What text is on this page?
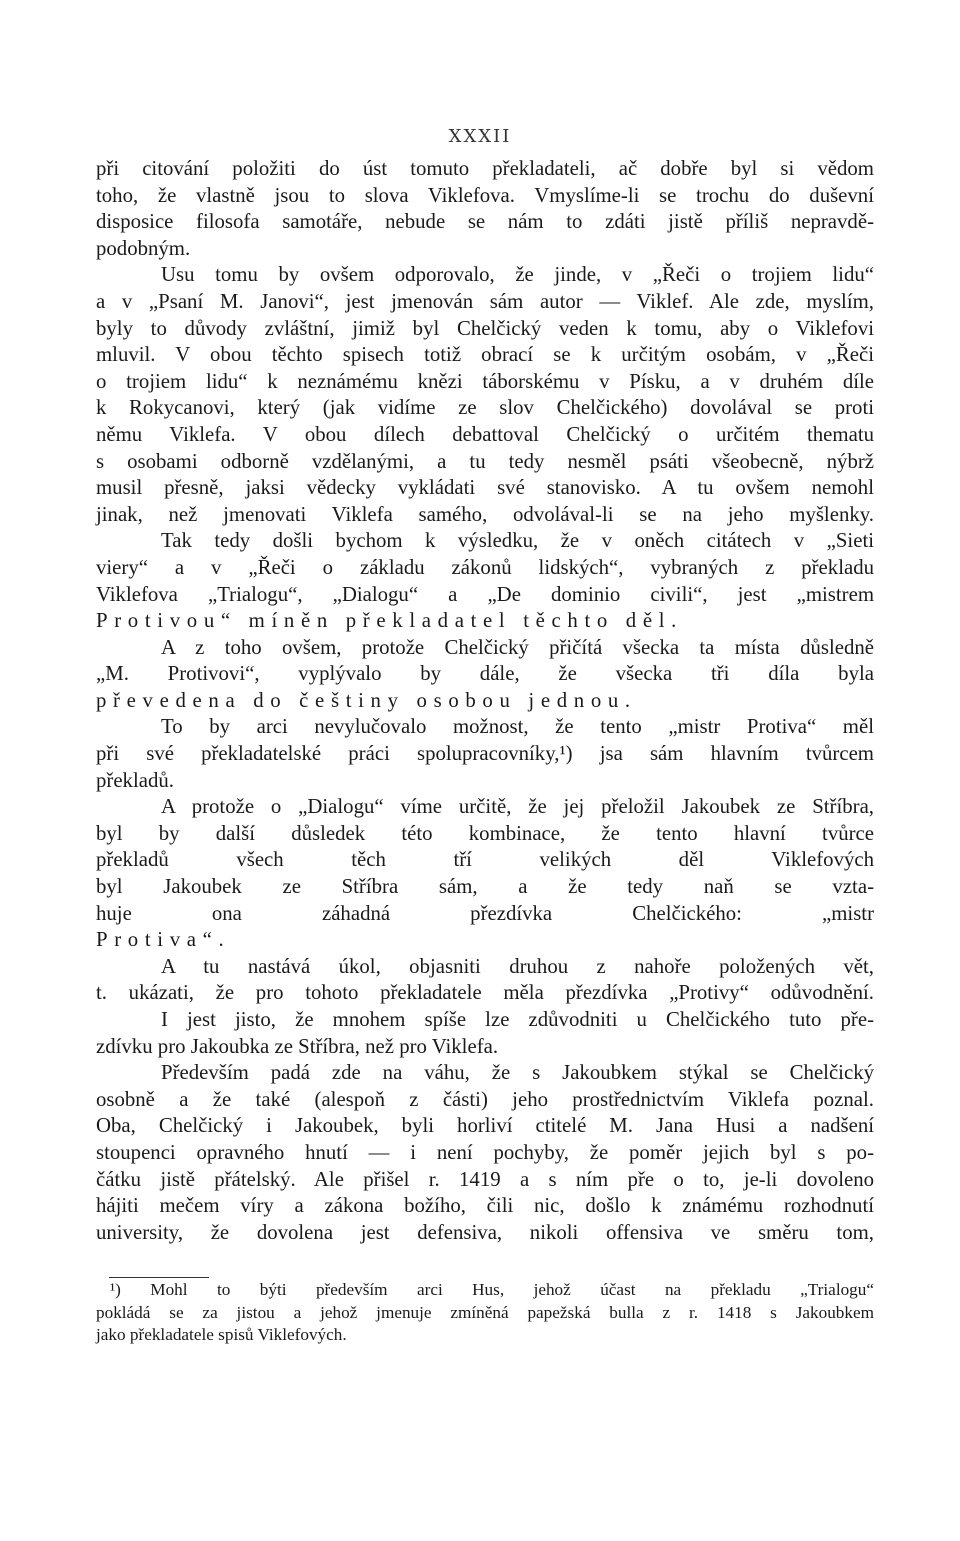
XXXII
při citování položiti do úst tomuto překladateli, ač dobře byl si vědom
toho, že vlastně jsou to slova Viklefova. Vmyslíme-li se trochu do duševní
disposice filosofa samotáře, nebude se nám to zdáti jistě příliš nepravdě-
podobným.
Usu tomu by ovšem odporovalo, že jinde, v „Řeči o trojiem lidu“
a v „Psaní M. Janovi“, jest jmenován sám autor — Viklef. Ale zde, myslím,
byly to důvody zvláštní, jimiž byl Chelčický veden k tomu, aby o Viklefovi
mluvil. V obou těchto spisech totiž obrací se k určitým osobám, v „Řeči
o trojiem lidu“ k neznámému knězi táborskému v Písku, a v druhém díle
k Rokycanovi, který (jak vidíme ze slov Chelčického) dovolával se proti
němu Viklefa. V obou dílech debattoval Chelčický o určitém thematu
s osobami odborně vzdělanými, a tu tedy nesměl psáti všeobecně, nýbrž
musil přesně, jaksi vědecky vykládati své stanovisko. A tu ovšem nemohl
jinak, než jmenovati Viklefa samého, odvolával-li se na jeho myšlenky.
Tak tedy došli bychom k výsledku, že v oněch citátech v „Sieti
viery“ a v „Řeči o základu zákonů lidských“, vybraných z překladu
Viklefova „Trialogu“, „Dialogu“ a „De dominio civili“, jest „mistrem
Protivou“ míněn překladatel těchto děl.
A z toho ovšem, protože Chelčický přičítá všecka ta místa důsledně
„M. Protivovi“, vyplývalo by dále, že všecka tři díla byla
převedena do češtiny osobou jednou.
To by arci nevylučovalo možnost, že tento „mistr Protiva“ měl
při své překladatelské práci spolupracovníky,¹) jsa sám hlavním tvůrcem
překladů.
A protože o „Dialogu“ víme určitě, že jej přeložil Jakoubek ze Stříbra,
byl by další důsledek této kombinace, že tento hlavní tvůrce
překladů všech těch tří velikých děl Viklefových
byl Jakoubek ze Stříbra sám, a že tedy naň se vzta-
huje ona záhadná přezdívka Chelčického: „mistr
Protiva“.
A tu nastává úkol, objasniti druhou z nahoře položených vět,
t. ukázati, že pro tohoto překladatele měla přezdívka „Protivy“ odůvodnění.
I jest jisto, že mnohem spíše lze zdůvodniti u Chelčického tuto pře-
zdívku pro Jakoubka ze Stříbra, než pro Viklefa.
Především padá zde na váhu, že s Jakoubkem stýkal se Chelčický
osobně a že také (alespoň z části) jeho prostřednictvím Viklefa poznal.
Oba, Chelčický i Jakoubek, byli horliví ctitelé M. Jana Husi a nadšení
stoupenci opravného hnutí — i není pochyby, že poměr jejich byl s po-
čátku jistě přátelský. Ale přišel r. 1419 a s ním pře o to, je-li dovoleno
hájiti mečem víry a zákona božího, čili nic, došlo k známému rozhodnutí
university, že dovolena jest defensiva, nikoli offensiva ve směru tom,
¹) Mohl to býti především arci Hus, jehož účast na překladu „Trialogu“
pokládá se za jistou a jehož jmenuje zmíněná papežská bulla z r. 1418 s Jakoubkem
jako překladatele spisů Viklefových.
